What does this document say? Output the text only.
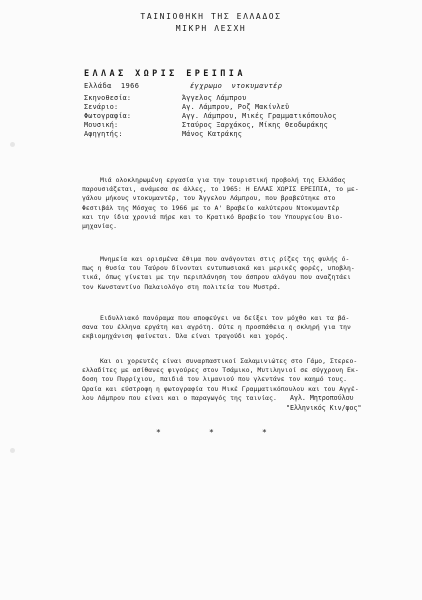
ΤΑΙΝΙΟΘΗΚΗ ΤΗΣ ΕΛΛΑΔΟΣ
ΜΙΚΡΗ ΛΕΣΧΗ
ΕΛΛΑΣ ΧΩΡΙΣ ΕΡΕΙΠΙΑ
Ελλάδα  1966	έγχρωμο  ντοκυμαντέρ
Σκηνοθεσία:	Άγγελος Λάμπρου
Σενάριο:	Αγ. Λάμπρου, Ροζ Μακίνλεϋ
Φωτογραφία:	Αγγ. Λάμπρου, Μικές Γραμματικόπουλος
Μουσική:	Σταύρος Ξαρχάκος, Μίκης Θεοδωράκης
Αφηγητής:	Μάνος Κατράκης
Μιά ολοκληρωμένη εργασία για την τουριστική προβολή της Ελλάδας
παρουσιάζεται, ανάμεσα σε άλλες, το 1965: Η ΕΛΛΑΣ ΧΩΡΙΣ ΕΡΕΙΠΙΑ, το με-
γάλου μήκους ντοκυμαντέρ, του Άγγελου Λάμπρου, που βραβεύτηκε στο
Φεστιβάλ της Μόσχας το 1966 με το Α' Βραβείο καλύτερου Ντοκυμαντέρ
και την ίδια χρονιά πήρε και το Κρατικό Βραβείο του Υπουργείου Βιο-
μηχανίας.
Μνημεία και ορισμένα έθιμα που ανάγονται στις ρίζες της φυλής ό-
πως η θυσία του Ταύρου δίνονται εντυπωσιακά και μερικές φορές, υποβλη-
τικά, όπως γίνεται με την περιπλάνηση του άσπρου αλόγου που αναζητάει
τον Κωνσταντίνο Παλαιολόγο στη πολιτεία του Μυστρά.
Ειδυλλιακό πανόραμα που αποφεύγει να δείξει τον μόχθο και τα βά-
σανα του έλληνα εργάτη και αγρότη. Ούτε η προσπάθεια η σκληρή για την
εκβιομηχάνιση φαίνεται. Όλα είναι τραγούδι και χορός.
Και οι χορευτές είναι συναρπαστικοί Σαλαμινιώτες στο Γάμο, Στερεο-
ελλαδίτες με ασίθανες φιγούρες στον Τσάμικο, Μυτιληνιοί σε σύγχρονη Εκ-
δοση του Πυρρίχιου, παιδιά του λιμανιού που γλεντάνε τον καημό τους.
Ωραία και εύστροφη η φωτογραφία του Μικέ Γραμματικόπουλου και του Αγγέ-
λου Λάμπρου που είναι και ο παραγωγός της ταινίας.	Αγλ. Μητροπούλου
"Ελληνικός Κιν/φος"
*	*	*
